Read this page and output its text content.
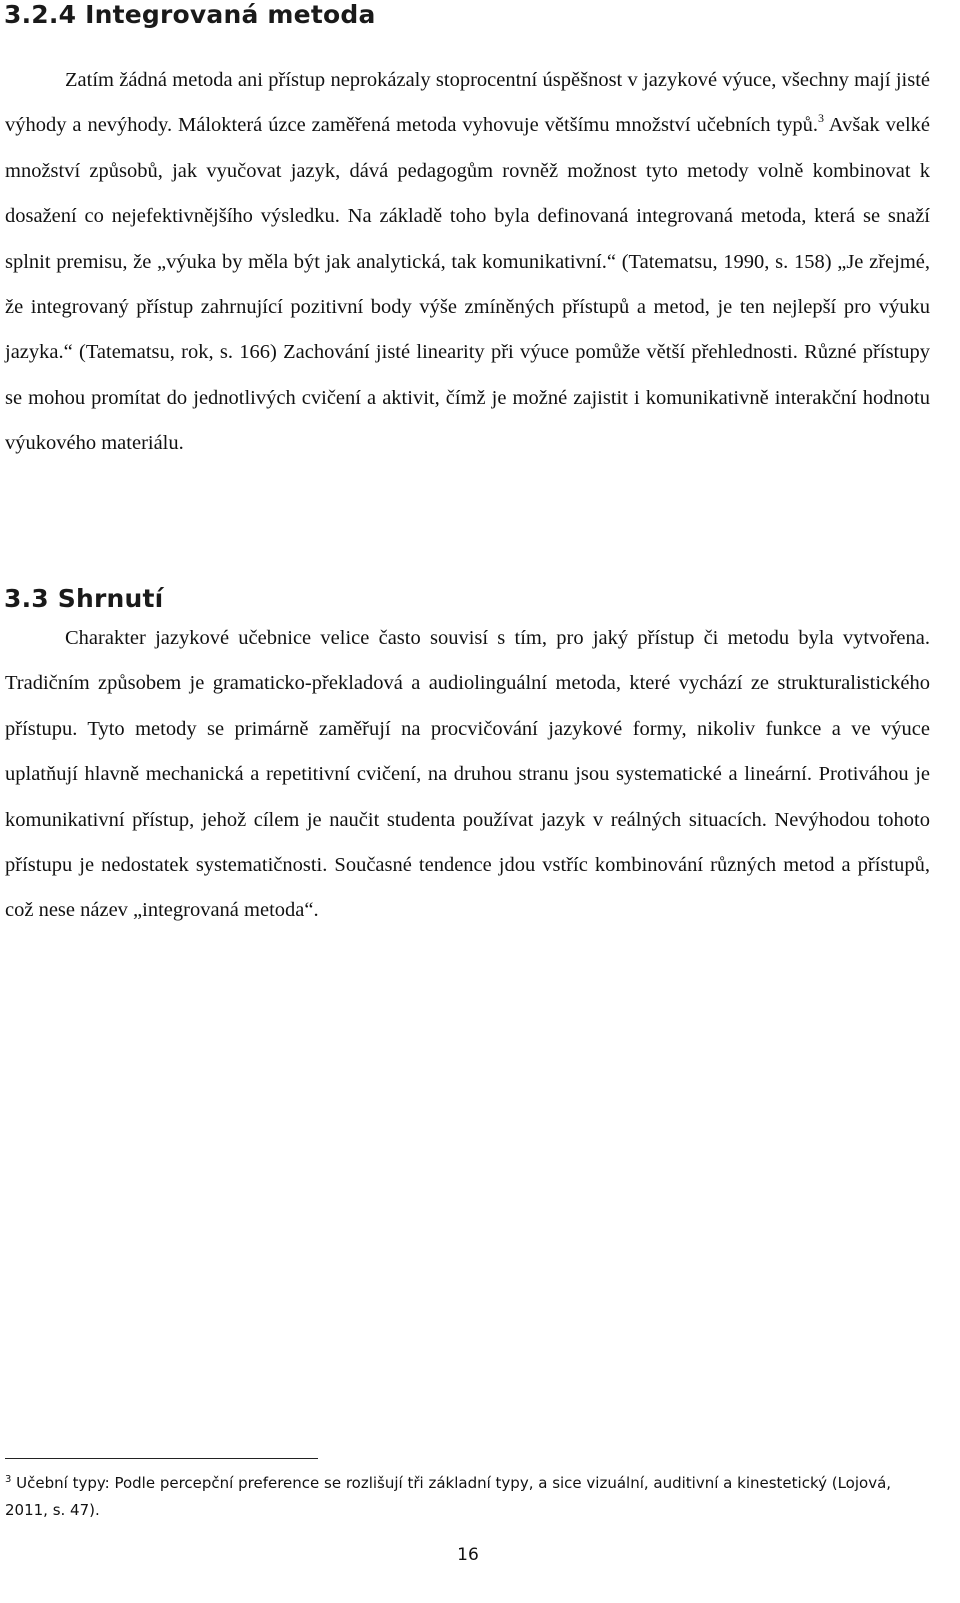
3.2.4 Integrovaná metoda

Zatím žádná metoda ani přístup neprokázaly stoprocentní úspěšnost v jazykové výuce, všechny mají jisté výhody a nevýhody. Málokterá úzce zaměřená metoda vyhovuje většímu množství učebních typů.$^3$ Avšak velké množství způsobů, jak vyučovat jazyk, dává pedagogům rovněž možnost tyto metody volně kombinovat k dosažení co nejefektivnějšího výsledku. Na základě toho byla definovaná integrovaná metoda, která se snaží splnit premisu, že „výuka by měla být jak analytická, tak komunikativní.“ (Tatematsu, 1990, s. 158) „Je zřejmé, že integrovaný přístup zahrnující pozitivní body výše zmíněných přístupů a metod, je ten nejlepší pro výuku jazyka.“ (Tatematsu, rok, s. 166) Zachování jisté linearity při výuce pomůže větší přehlednosti. Různé přístupy se mohou promítat do jednotlivých cvičení a aktivit, čímž je možné zajistit i komunikativně interakční hodnotu výukového materiálu.

3.3 Shrnutí

Charakter jazykové učebnice velice často souvisí s tím, pro jaký přístup či metodu byla vytvořena. Tradičním způsobem je gramaticko-překladová a audiolinguální metoda, které vychází ze strukturalistického přístupu. Tyto metody se primárně zaměřují na procvičování jazykové formy, nikoliv funkce a ve výuce uplatňují hlavně mechanická a repetitivní cvičení, na druhou stranu jsou systematické a lineární. Protiváhou je komunikativní přístup, jehož cílem je naučit studenta používat jazyk v reálných situacích. Nevýhodou tohoto přístupu je nedostatek systematičnosti. Současné tendence jdou vstříc kombinování různých metod a přístupů, což nese název „integrovaná metoda“.

$^3$ Učební typy: Podle percepční preference se rozlišují tři základní typy, a sice vizuální, auditivní a kinestetický (Lojová, 2011, s. 47).

16
